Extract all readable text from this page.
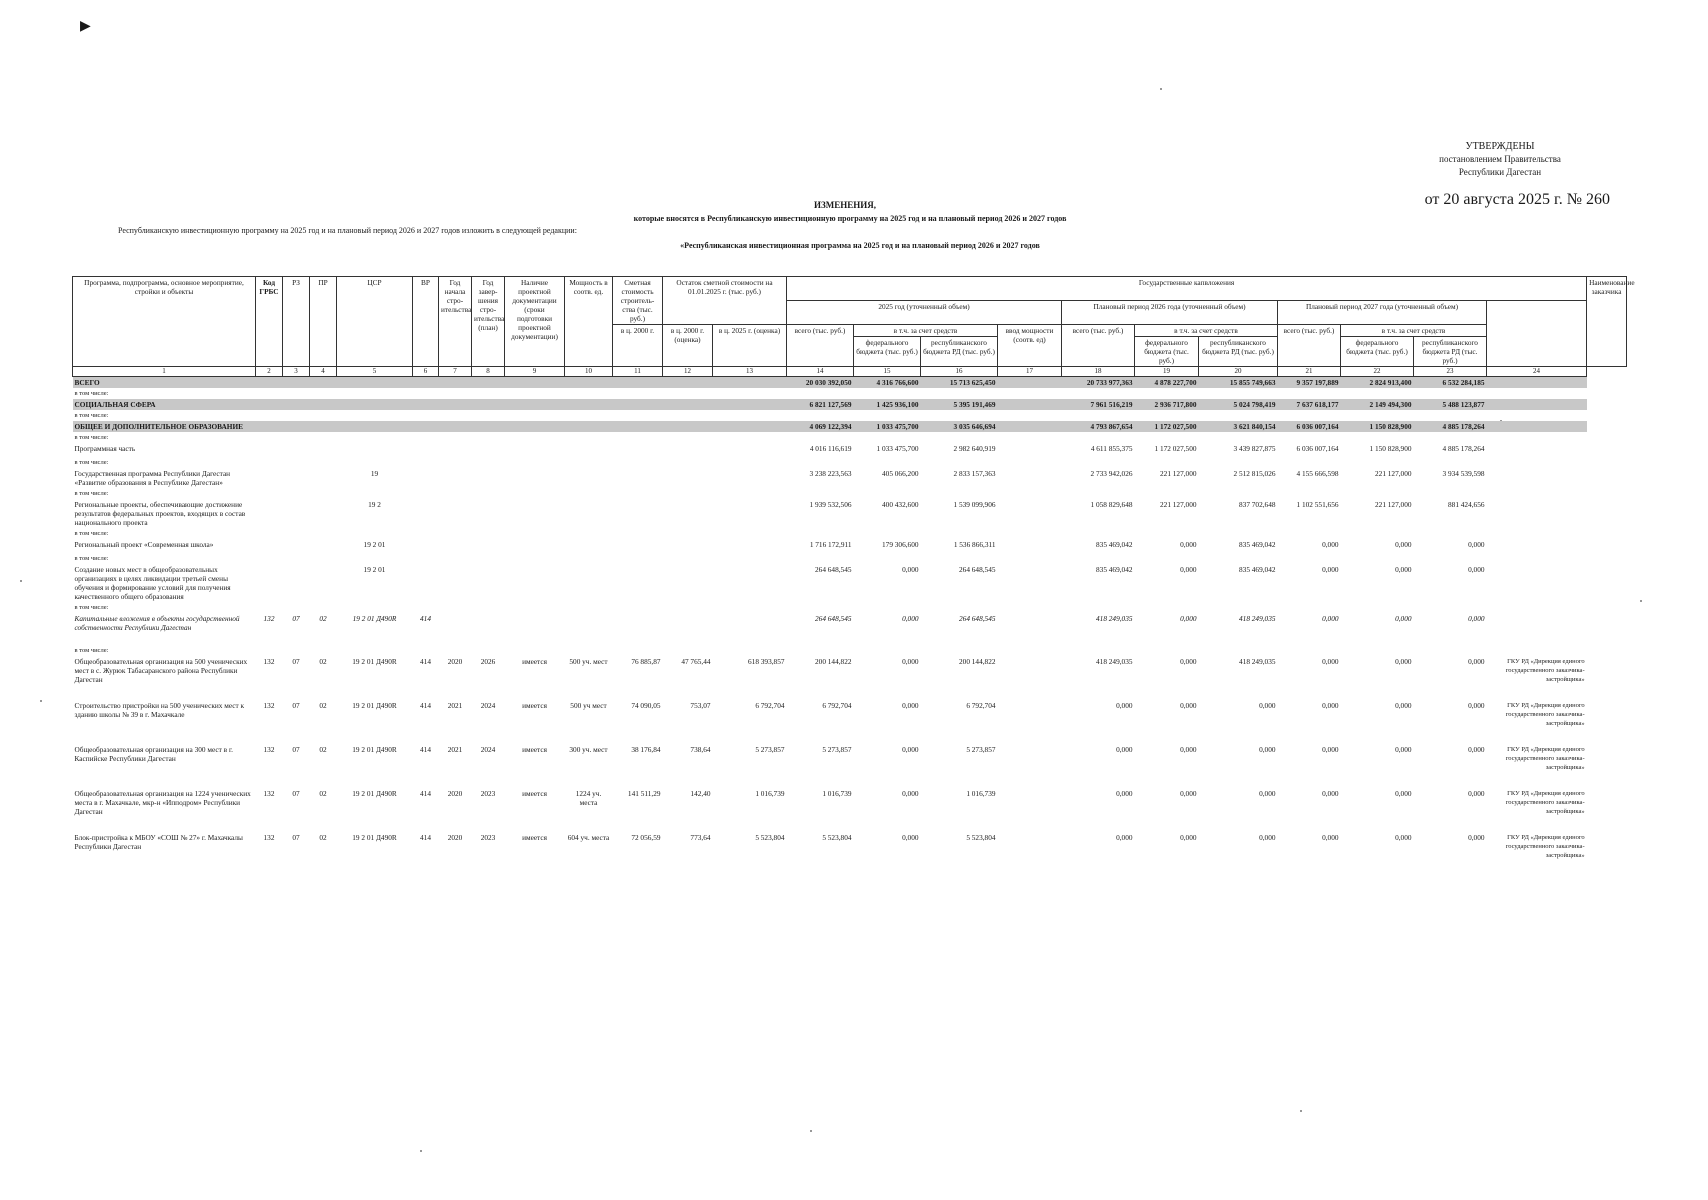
▶
УТВЕРЖДЕНЫ
постановлением Правительства
Республики Дагестан
от 20 августа 2025 г. № 260
ИЗМЕНЕНИЯ,
которые вносятся в Республиканскую инвестиционную программу на 2025 год и на плановый период 2026 и 2027 годов
Республиканскую инвестиционную программу на 2025 год и на плановый период 2026 и 2027 годов изложить в следующей редакции:
«Республиканская инвестиционная программа на 2025 год и на плановый период 2026 и 2027 годов
Программа, подпрограмма, основное мероприятие, стройки и объекты	Код ГРБС	РЗ	ПР	ЦСР	ВР	Год начала стро-ительства	Год завер-шения стро-ительства (план)	Наличие проектной документации (сроки подготовки проектной документации)	Мощность в соотв. ед.	Сметная стоимость строитель-ства (тыс. руб.)	Остаток сметной стоимости на 01.01.2025 г. (тыс. руб.)		Государственные капвложения											Наименование заказчика
													2025 год (уточненный объем)				Плановый период 2026 года (уточненный объем)			Плановый период 2027 года (уточненный объем)				
										в ц. 2000 г.	в ц. 2000 г. (оценка)	в ц. 2025 г. (оценка)	всего (тыс. руб.)	в т.ч. за счет средств		ввод мощности (соотв. ед)	всего (тыс. руб.)	в т.ч. за счет средств		всего (тыс. руб.)	в т.ч. за счет средств			
														федерального бюджета (тыс. руб.)	республиканского бюджета РД (тыс. руб.)			федерального бюджета (тыс. руб.)	республиканского бюджета РД (тыс. руб.)		федерального бюджета (тыс. руб.)	республиканского бюджета РД (тыс. руб.)		
1	2	3	4	5	6	7	8	9	10	11	12	13	14	15	16	17	18	19	20	21	22	23	24	
ВСЕГО													20 030 392,050	4 316 766,600	15 713 625,450		20 733 977,363	4 878 227,700	15 855 749,663	9 357 197,889	2 824 913,400	6 532 284,185		
в том числе:																								
СОЦИАЛЬНАЯ СФЕРА													6 821 127,569	1 425 936,100	5 395 191,469		7 961 516,219	2 936 717,800	5 024 798,419	7 637 618,177	2 149 494,300	5 488 123,877		
в том числе:																								
ОБЩЕЕ И ДОПОЛНИТЕЛЬНОЕ ОБРАЗОВАНИЕ													4 069 122,394	1 033 475,700	3 035 646,694		4 793 867,654	1 172 027,500	3 621 840,154	6 036 007,164	1 150 828,900	4 885 178,264		
в том числе:																								
Программная часть													4 016 116,619	1 033 475,700	2 982 640,919		4 611 855,375	1 172 027,500	3 439 827,875	6 036 007,164	1 150 828,900	4 885 178,264		
в том числе:																								
Государственная программа Республики Дагестан «Развитие образования в Республике Дагестан»				19									3 238 223,563	405 066,200	2 833 157,363		2 733 942,026	221 127,000	2 512 815,026	4 155 666,598	221 127,000	3 934 539,598		
в том числе:																								
Региональные проекты, обеспечивающие достижение результатов федеральных проектов, входящих в состав национального проекта				19 2									1 939 532,506	400 432,600	1 539 099,906		1 058 829,648	221 127,000	837 702,648	1 102 551,656	221 127,000	881 424,656		
в том числе:																								
Региональный проект «Современная школа»				19 2 01									1 716 172,911	179 306,600	1 536 866,311		835 469,042	0,000	835 469,042	0,000	0,000	0,000		
в том числе:																								
Создание новых мест в общеобразовательных организациях в целях ликвидации третьей смены обучения и формирование условий для получения качественного общего образования				19 2 01									264 648,545	0,000	264 648,545		835 469,042	0,000	835 469,042	0,000	0,000	0,000		
в том числе:																								
Капитальные вложения в объекты государственной собственности Республики Дагестан	132	07	02	19 2 01 Д490R	414								264 648,545	0,000	264 648,545		418 249,035	0,000	418 249,035	0,000	0,000	0,000		
в том числе:																								
Общеобразовательная организация на 500 ученических мест в с. Журюк Табасаранского района Республики Дагестан	132	07	02	19 2 01 Д490R	414	2020	2026	имеется	500 уч. мест	76 885,87	47 765,44	618 393,857	200 144,822	0,000	200 144,822		418 249,035	0,000	418 249,035	0,000	0,000	0,000	ГКУ РД «Дирекция единого государственного заказчика-застройщика»	
Строительство пристройки на 500 ученических мест к зданию школы № 39 в г. Махачкале	132	07	02	19 2 01 Д490R	414	2021	2024	имеется	500 уч мест	74 090,05	753,07	6 792,704	6 792,704	0,000	6 792,704		0,000	0,000	0,000	0,000	0,000	0,000	ГКУ РД «Дирекция единого государственного заказчика-застройщика»	
Общеобразовательная организация на 300 мест в г. Каспийске Республики Дагестан	132	07	02	19 2 01 Д490R	414	2021	2024	имеется	300 уч. мест	38 176,84	738,64	5 273,857	5 273,857	0,000	5 273,857		0,000	0,000	0,000	0,000	0,000	0,000	ГКУ РД «Дирекция единого государственного заказчика-застройщика»	
Общеобразовательная организация на 1224 ученических места в г. Махачкале, мкр-н «Ипподром» Республики Дагестан	132	07	02	19 2 01 Д490R	414	2020	2023	имеется	1224 уч. места	141 511,29	142,40	1 016,739	1 016,739	0,000	1 016,739		0,000	0,000	0,000	0,000	0,000	0,000	ГКУ РД «Дирекция единого государственного заказчика-застройщика»	
Блок-пристройка к МБОУ «СОШ № 27» г. Махачкалы Республики Дагестан	132	07	02	19 2 01 Д490R	414	2020	2023	имеется	604 уч. места	72 056,59	773,64	5 523,804	5 523,804	0,000	5 523,804		0,000	0,000	0,000	0,000	0,000	0,000	ГКУ РД «Дирекция единого государственного заказчика-застройщика»	
